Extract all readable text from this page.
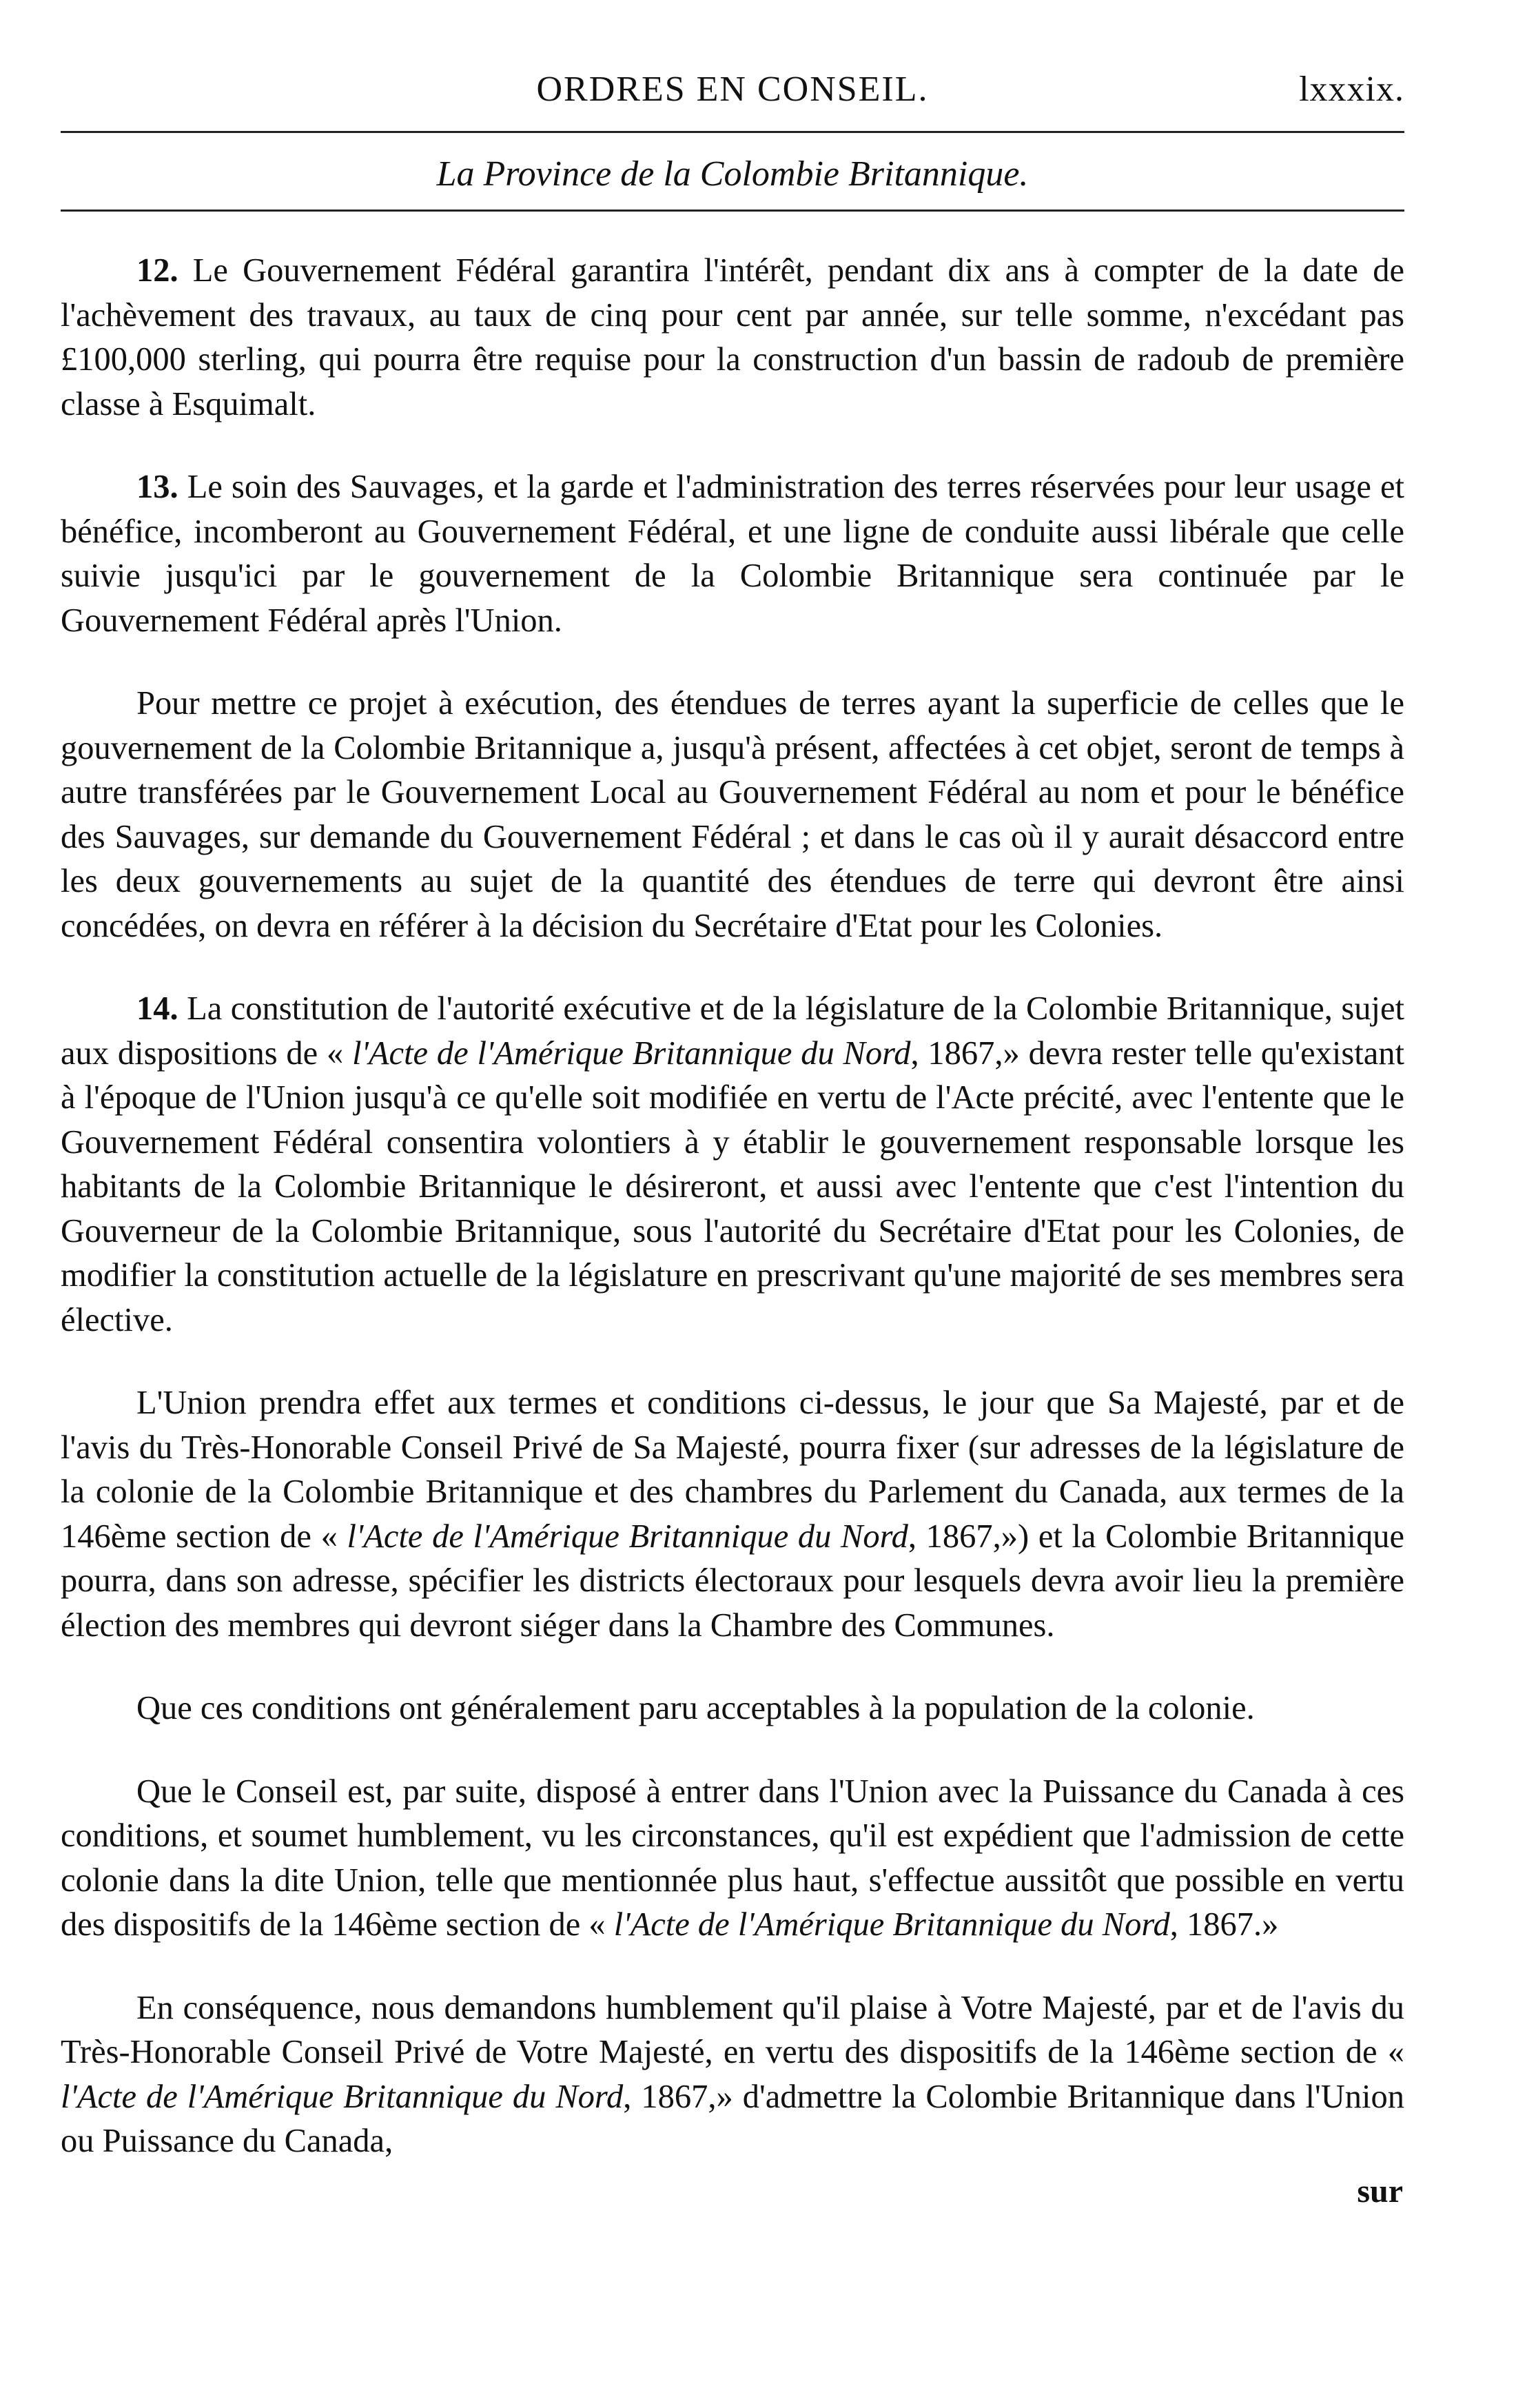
ORDRES EN CONSEIL.	lxxxix.
La Province de la Colombie Britannique.

12. Le Gouvernement Fédéral garantira l'intérêt, pendant dix ans à compter de la date de l'achèvement des travaux, au taux de cinq pour cent par année, sur telle somme, n'excédant pas £100,000 sterling, qui pourra être requise pour la construction d'un bassin de radoub de première classe à Esquimalt.

13. Le soin des Sauvages, et la garde et l'administration des terres réservées pour leur usage et bénéfice, incomberont au Gouvernement Fédéral, et une ligne de conduite aussi libérale que celle suivie jusqu'ici par le gouvernement de la Colombie Britannique sera continuée par le Gouvernement Fédéral après l'Union.

Pour mettre ce projet à exécution, des étendues de terres ayant la superficie de celles que le gouvernement de la Colombie Britannique a, jusqu'à présent, affectées à cet objet, seront de temps à autre transférées par le Gouvernement Local au Gouvernement Fédéral au nom et pour le bénéfice des Sauvages, sur demande du Gouvernement Fédéral ; et dans le cas où il y aurait désaccord entre les deux gouvernements au sujet de la quantité des étendues de terre qui devront être ainsi concédées, on devra en référer à la décision du Secrétaire d'Etat pour les Colonies.

14. La constitution de l'autorité exécutive et de la législature de la Colombie Britannique, sujet aux dispositions de « l'Acte de l'Amérique Britannique du Nord, 1867,» devra rester telle qu'existant à l'époque de l'Union jusqu'à ce qu'elle soit modifiée en vertu de l'Acte précité, avec l'entente que le Gouvernement Fédéral consentira volontiers à y établir le gouvernement responsable lorsque les habitants de la Colombie Britannique le désireront, et aussi avec l'entente que c'est l'intention du Gouverneur de la Colombie Britannique, sous l'autorité du Secrétaire d'Etat pour les Colonies, de modifier la constitution actuelle de la législature en prescrivant qu'une majorité de ses membres sera élective.

L'Union prendra effet aux termes et conditions ci-dessus, le jour que Sa Majesté, par et de l'avis du Très-Honorable Conseil Privé de Sa Majesté, pourra fixer (sur adresses de la législature de la colonie de la Colombie Britannique et des chambres du Parlement du Canada, aux termes de la 146ème section de « l'Acte de l'Amérique Britannique du Nord, 1867,») et la Colombie Britannique pourra, dans son adresse, spécifier les districts électoraux pour lesquels devra avoir lieu la première élection des membres qui devront siéger dans la Chambre des Communes.

Que ces conditions ont généralement paru acceptables à la population de la colonie.

Que le Conseil est, par suite, disposé à entrer dans l'Union avec la Puissance du Canada à ces conditions, et soumet humblement, vu les circonstances, qu'il est expédient que l'admission de cette colonie dans la dite Union, telle que mentionnée plus haut, s'effectue aussitôt que possible en vertu des dispositifs de la 146ème section de « l'Acte de l'Amérique Britannique du Nord, 1867.»

En conséquence, nous demandons humblement qu'il plaise à Votre Majesté, par et de l'avis du Très-Honorable Conseil Privé de Votre Majesté, en vertu des dispositifs de la 146ème section de « l'Acte de l'Amérique Britannique du Nord, 1867,» d'admettre la Colombie Britannique dans l'Union ou Puissance du Canada,

sur
